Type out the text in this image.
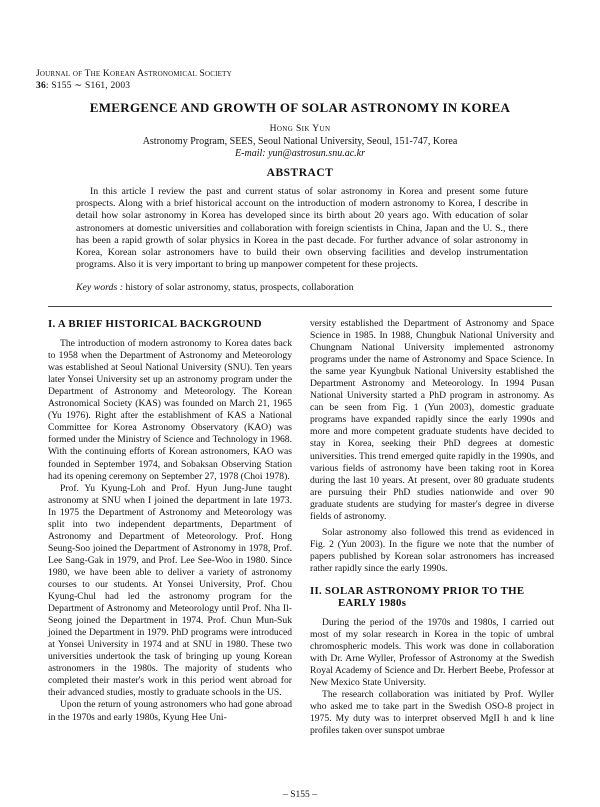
Journal of The Korean Astronomical Society
36: S155 ∼ S161, 2003
EMERGENCE AND GROWTH OF SOLAR ASTRONOMY IN KOREA
Hong Sik Yun
Astronomy Program, SEES, Seoul National University, Seoul, 151-747, Korea
E-mail: yun@astrosun.snu.ac.kr
ABSTRACT

In this article I review the past and current status of solar astronomy in Korea and present some future prospects. Along with a brief historical account on the introduction of modern astronomy to Korea, I describe in detail how solar astronomy in Korea has developed since its birth about 20 years ago. With education of solar astronomers at domestic universities and collaboration with foreign scientists in China, Japan and the U. S., there has been a rapid growth of solar physics in Korea in the past decade. For further advance of solar astronomy in Korea, Korean solar astronomers have to build their own observing facilities and develop instrumentation programs. Also it is very important to bring up manpower competent for these projects.

Key words : history of solar astronomy, status, prospects, collaboration

I. A BRIEF HISTORICAL BACKGROUND

The introduction of modern astronomy to Korea dates back to 1958 when the Department of Astronomy and Meteorology was established at Seoul National University (SNU). Ten years later Yonsei University set up an astronomy program under the Department of Astronomy and Meteorology. The Korean Astronomical Society (KAS) was founded on March 21, 1965 (Yu 1976). Right after the establishment of KAS a National Committee for Korea Astronomy Observatory (KAO) was formed under the Ministry of Science and Technology in 1968. With the continuing efforts of Korean astronomers, KAO was founded in September 1974, and Sobaksan Observing Station had its opening ceremony on September 27, 1978 (Choi 1978).

Prof. Yu Kyung-Loh and Prof. Hyun Jung-June taught astronomy at SNU when I joined the department in late 1973. In 1975 the Department of Astronomy and Meteorology was split into two independent departments, Department of Astronomy and Department of Meteorology. Prof. Hong Seung-Soo joined the Department of Astronomy in 1978, Prof. Lee Sang-Gak in 1979, and Prof. Lee See-Woo in 1980. Since 1980, we have been able to deliver a variety of astronomy courses to our students. At Yonsei University, Prof. Chou Kyung-Chul had led the astronomy program for the Department of Astronomy and Meteorology until Prof. Nha Il-Seong joined the Department in 1974. Prof. Chun Mun-Suk joined the Department in 1979. PhD programs were introduced at Yonsei University in 1974 and at SNU in 1980. These two universities undertook the task of bringing up young Korean astronomers in the 1980s. The majority of students who completed their master's work in this period went abroad for their advanced studies, mostly to graduate schools in the US.

Upon the return of young astronomers who had gone abroad in the 1970s and early 1980s, Kyung Hee Uni-

versity established the Department of Astronomy and Space Science in 1985. In 1988, Chungbuk National University and Chungnam National University implemented astronomy programs under the name of Astronomy and Space Science. In the same year Kyungbuk National University established the Department Astronomy and Meteorology. In 1994 Pusan National University started a PhD program in astronomy. As can be seen from Fig. 1 (Yun 2003), domestic graduate programs have expanded rapidly since the early 1990s and more and more competent graduate students have decided to stay in Korea, seeking their PhD degrees at domestic universities. This trend emerged quite rapidly in the 1990s, and various fields of astronomy have been taking root in Korea during the last 10 years. At present, over 80 graduate students are pursuing their PhD studies nationwide and over 90 graduate students are studying for master's degree in diverse fields of astronomy.

Solar astronomy also followed this trend as evidenced in Fig. 2 (Yun 2003). In the figure we note that the number of papers published by Korean solar astronomers has increased rather rapidly since the early 1990s.

II. SOLAR ASTRONOMY PRIOR TO THE EARLY 1980s

During the period of the 1970s and 1980s, I carried out most of my solar research in Korea in the topic of umbral chromospheric models. This work was done in collaboration with Dr. Arne Wyller, Professor of Astronomy at the Swedish Royal Academy of Science and Dr. Herbert Beebe, Professor at New Mexico State University.

The research collaboration was initiated by Prof. Wyller who asked me to take part in the Swedish OSO-8 project in 1975. My duty was to interpret observed MgII h and k line profiles taken over sunspot umbrae

– S155 –
